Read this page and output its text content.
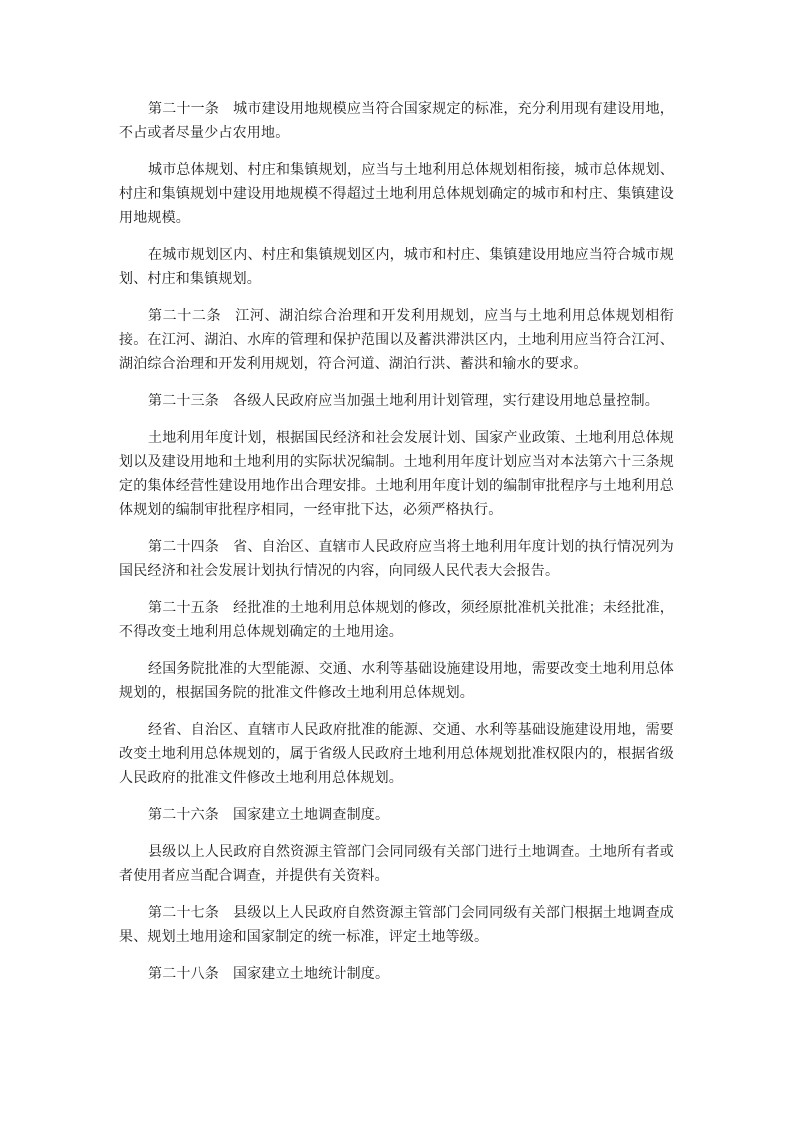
第二十一条 城市建设用地规模应当符合国家规定的标准，充分利用现有建设用地，不占或者尽量少占农用地。

城市总体规划、村庄和集镇规划，应当与土地利用总体规划相衔接，城市总体规划、村庄和集镇规划中建设用地规模不得超过土地利用总体规划确定的城市和村庄、集镇建设用地规模。

在城市规划区内、村庄和集镇规划区内，城市和村庄、集镇建设用地应当符合城市规划、村庄和集镇规划。

第二十二条 江河、湖泊综合治理和开发利用规划，应当与土地利用总体规划相衔接。在江河、湖泊、水库的管理和保护范围以及蓄洪滞洪区内，土地利用应当符合江河、湖泊综合治理和开发利用规划，符合河道、湖泊行洪、蓄洪和输水的要求。

第二十三条 各级人民政府应当加强土地利用计划管理，实行建设用地总量控制。

土地利用年度计划，根据国民经济和社会发展计划、国家产业政策、土地利用总体规划以及建设用地和土地利用的实际状况编制。土地利用年度计划应当对本法第六十三条规定的集体经营性建设用地作出合理安排。土地利用年度计划的编制审批程序与土地利用总体规划的编制审批程序相同，一经审批下达，必须严格执行。

第二十四条 省、自治区、直辖市人民政府应当将土地利用年度计划的执行情况列为国民经济和社会发展计划执行情况的内容，向同级人民代表大会报告。

第二十五条 经批准的土地利用总体规划的修改，须经原批准机关批准；未经批准，不得改变土地利用总体规划确定的土地用途。

经国务院批准的大型能源、交通、水利等基础设施建设用地，需要改变土地利用总体规划的，根据国务院的批准文件修改土地利用总体规划。

经省、自治区、直辖市人民政府批准的能源、交通、水利等基础设施建设用地，需要改变土地利用总体规划的，属于省级人民政府土地利用总体规划批准权限内的，根据省级人民政府的批准文件修改土地利用总体规划。

第二十六条 国家建立土地调查制度。

县级以上人民政府自然资源主管部门会同同级有关部门进行土地调查。土地所有者或者使用者应当配合调查，并提供有关资料。

第二十七条 县级以上人民政府自然资源主管部门会同同级有关部门根据土地调查成果、规划土地用途和国家制定的统一标准，评定土地等级。

第二十八条 国家建立土地统计制度。
